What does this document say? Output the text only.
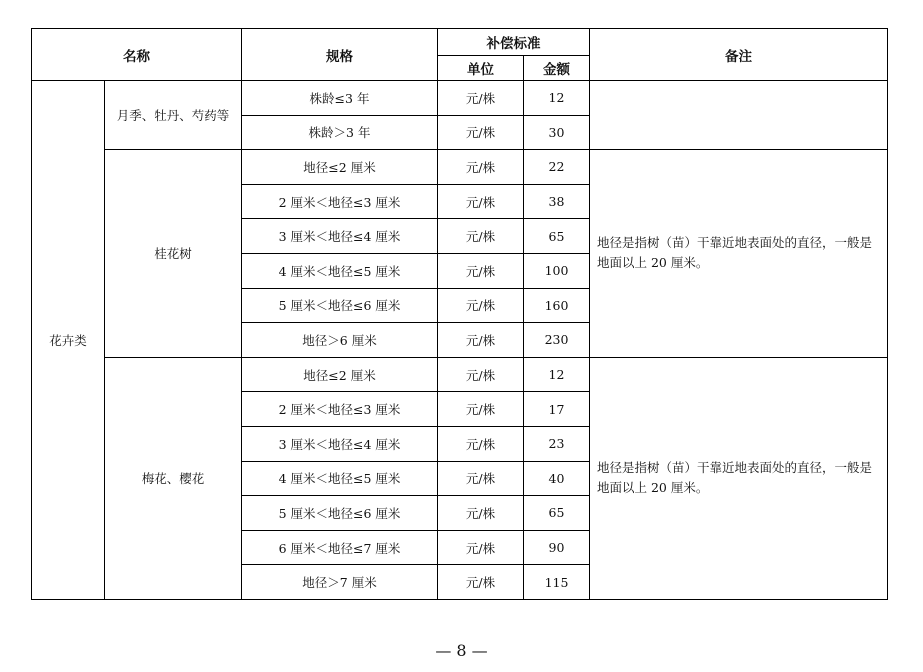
名称		规格	补偿标准		备注
			单位	金额	
花卉类	月季、牡丹、芍药等	株龄≤3 年	元/株	12	
		株龄＞3 年	元/株	30	
	桂花树	地径≤2 厘米	元/株	22	地径是指树（苗）干靠近地表面处的直径，一般是地面以上 20 厘米。
		2 厘米＜地径≤3 厘米	元/株	38	
		3 厘米＜地径≤4 厘米	元/株	65	
		4 厘米＜地径≤5 厘米	元/株	100	
		5 厘米＜地径≤6 厘米	元/株	160	
		地径＞6 厘米	元/株	230	
	梅花、樱花	地径≤2 厘米	元/株	12	地径是指树（苗）干靠近地表面处的直径，一般是地面以上 20 厘米。
		2 厘米＜地径≤3 厘米	元/株	17	
		3 厘米＜地径≤4 厘米	元/株	23	
		4 厘米＜地径≤5 厘米	元/株	40	
		5 厘米＜地径≤6 厘米	元/株	65	
		6 厘米＜地径≤7 厘米	元/株	90	
		地径＞7 厘米	元/株	115	
— 8 —
